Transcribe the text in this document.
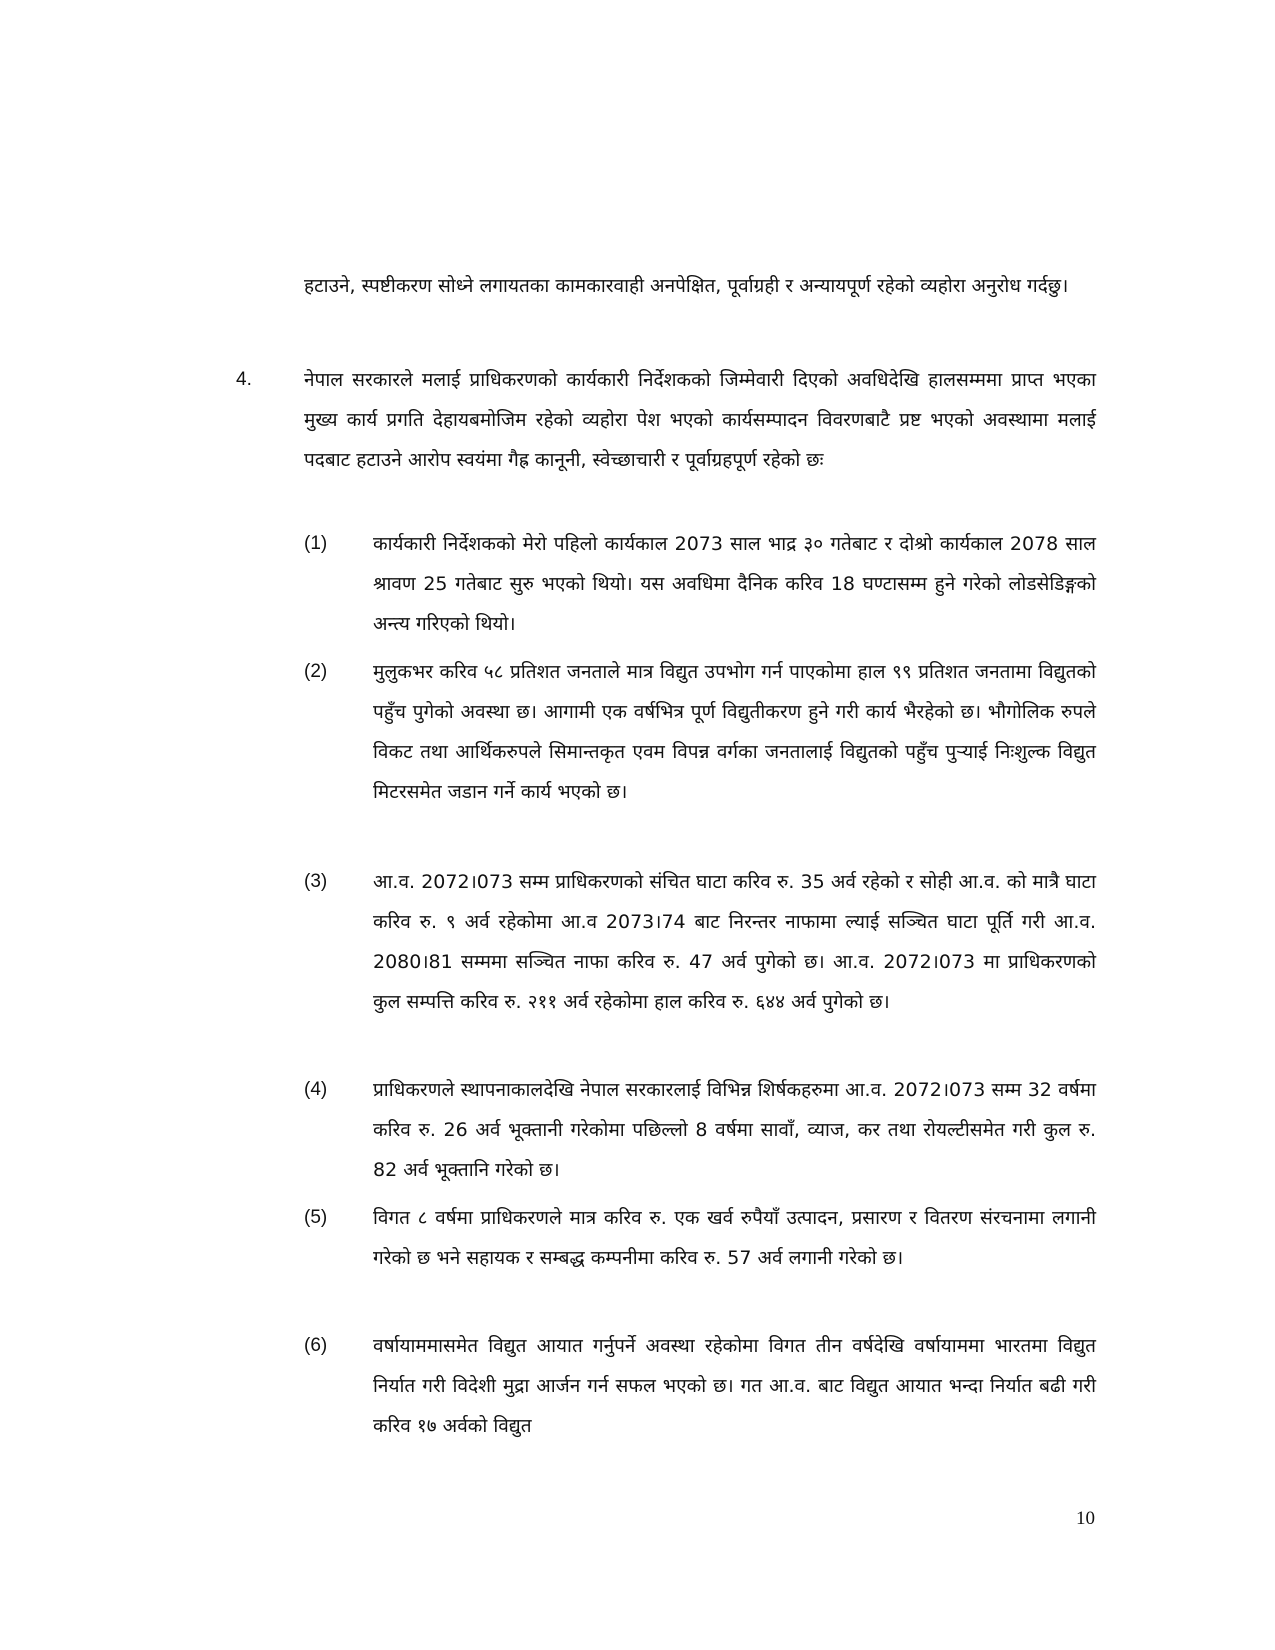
हटाउने, स्पष्टीकरण सोध्ने लगायतका कामकारवाही अनपेक्षित, पूर्वाग्रही र अन्यायपूर्ण रहेको व्यहोरा अनुरोध गर्दछु।

4.	नेपाल सरकारले मलाई प्राधिकरणको कार्यकारी निर्देशकको जिम्मेवारी दिएको अवधिदेखि हालसम्ममा प्राप्त भएका मुख्य कार्य प्रगति देहायबमोजिम रहेको व्यहोरा पेश भएको कार्यसम्पादन विवरणबाटै प्रष्ट भएको अवस्थामा मलाई पदबाट हटाउने आरोप स्वयंमा गैह्र कानूनी, स्वेच्छाचारी र पूर्वाग्रहपूर्ण रहेको छः

(1) कार्यकारी निर्देशकको मेरो पहिलो कार्यकाल 2073 साल भाद्र ३० गतेबाट र दोश्रो कार्यकाल 2078 साल श्रावण 25 गतेबाट सुरु भएको थियो। यस अवधिमा दैनिक करिव 18 घण्टासम्म हुने गरेको लोडसेडिङ्गको अन्त्य गरिएको थियो।

(2) मुलुकभर करिव ५८ प्रतिशत जनताले मात्र विद्युत उपभोग गर्न पाएकोमा हाल ९९ प्रतिशत जनतामा विद्युतको पहुँच पुगेको अवस्था छ। आगामी एक वर्षभित्र पूर्ण विद्युतीकरण हुने गरी कार्य भैरहेको छ। भौगोलिक रुपले विकट तथा आर्थिकरुपले सिमान्तकृत एवम विपन्न वर्गका जनतालाई विद्युतको पहुँच पुर्‍याई निःशुल्क विद्युत मिटरसमेत जडान गर्ने कार्य भएको छ।

(3) आ.व. 2072।073 सम्म प्राधिकरणको संचित घाटा करिव रु. 35 अर्व रहेको र सोही आ.व. को मात्रै घाटा करिव रु. ९ अर्व रहेकोमा आ.व 2073।74 बाट निरन्तर नाफामा ल्याई सञ्चित घाटा पूर्ति गरी आ.व. 2080।81 सम्ममा सञ्चित नाफा करिव रु. 47 अर्व पुगेको छ। आ.व. 2072।073 मा प्राधिकरणको कुल सम्पत्ति करिव रु. २११ अर्व रहेकोमा हाल करिव रु. ६४४ अर्व पुगेको छ।

(4) प्राधिकरणले स्थापनाकालदेखि नेपाल सरकारलाई विभिन्न शिर्षकहरुमा आ.व. 2072।073 सम्म 32 वर्षमा करिव रु. 26 अर्व भूक्तानी गरेकोमा पछिल्लो 8 वर्षमा सावाँ, व्याज, कर तथा रोयल्टीसमेत गरी कुल रु. 82 अर्व भूक्तानि गरेको छ।

(5) विगत ८ वर्षमा प्राधिकरणले मात्र करिव रु. एक खर्व रुपैयाँ उत्पादन, प्रसारण र वितरण संरचनामा लगानी गरेको छ भने सहायक र सम्बद्ध कम्पनीमा करिव रु. 57 अर्व लगानी गरेको छ।

(6) वर्षायाममासमेत विद्युत आयात गर्नुपर्ने अवस्था रहेकोमा विगत तीन वर्षदेखि वर्षायाममा भारतमा विद्युत निर्यात गरी विदेशी मुद्रा आर्जन गर्न सफल भएको छ। गत आ.व. बाट विद्युत आयात भन्दा निर्यात बढी गरी करिव १७ अर्वको विद्युत

10
